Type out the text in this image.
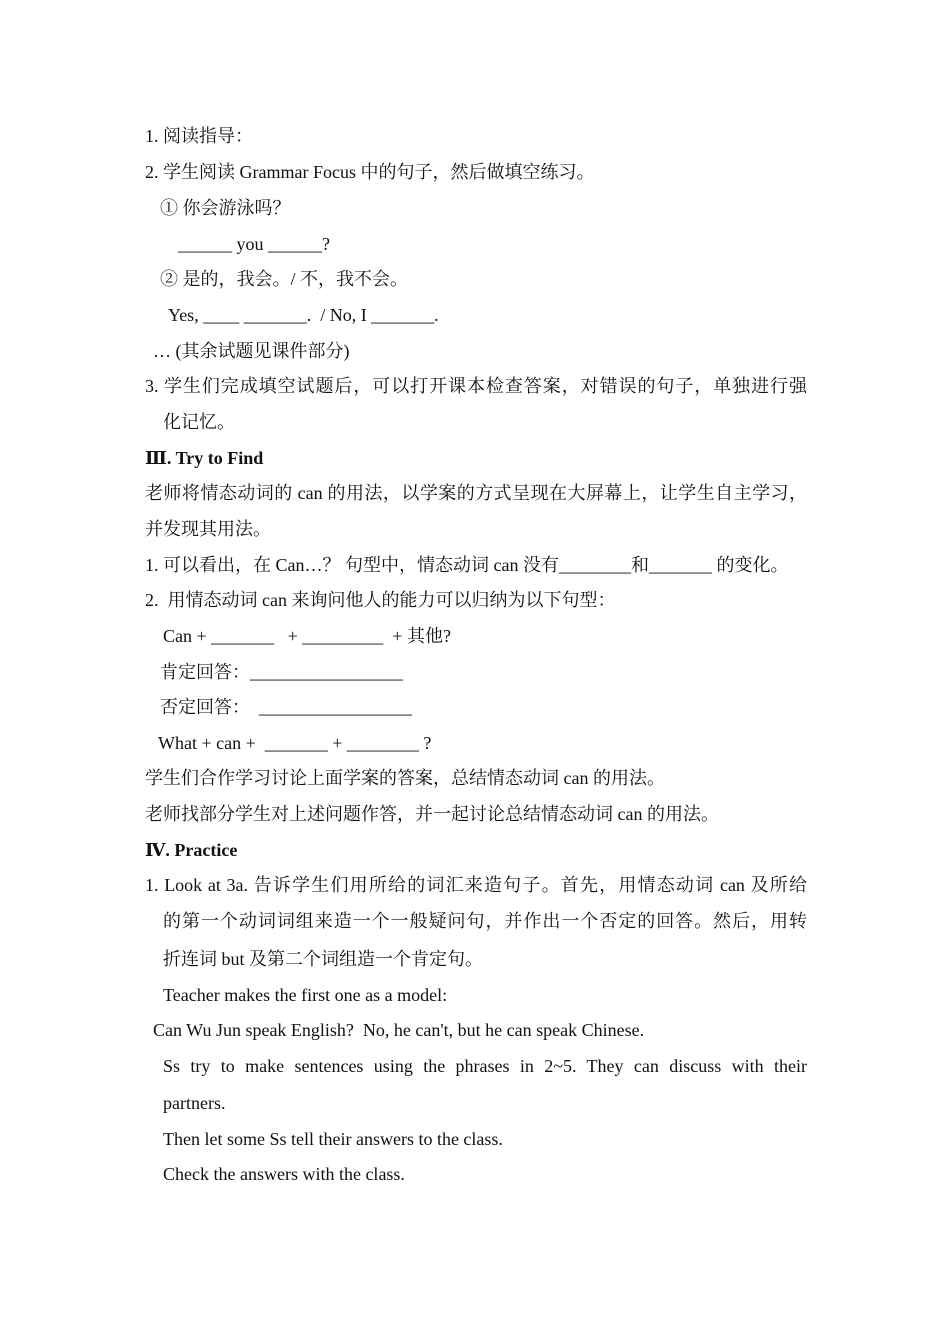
1. 阅读指导：

2. 学生阅读 Grammar Focus 中的句子，然后做填空练习。

① 你会游泳吗？

______ you ______?

② 是的，我会。/ 不，我不会。

Yes, ____ _______.  / No, I _______.

… (其余试题见课件部分)

3. 学生们完成填空试题后，可以打开课本检查答案，对错误的句子，单独进行强

化记忆。

Ⅲ. Try to Find

老师将情态动词的 can 的用法，以学案的方式呈现在大屏幕上，让学生自主学习，

并发现其用法。

1. 可以看出，在 Can…？ 句型中，情态动词 can 没有________和_______ 的变化。

2.  用情态动词 can 来询问他人的能力可以归纳为以下句型：

Can + _______   + _________  + 其他?

肯定回答：_________________

否定回答：  _________________

What + can +  _______ + ________ ?

学生们合作学习讨论上面学案的答案，总结情态动词 can 的用法。

老师找部分学生对上述问题作答，并一起讨论总结情态动词 can 的用法。

Ⅳ. Practice

1. Look at 3a. 告诉学生们用所给的词汇来造句子。首先，用情态动词 can 及所给

的第一个动词词组来造一个一般疑问句，并作出一个否定的回答。然后，用转

折连词 but 及第二个词组造一个肯定句。

Teacher makes the first one as a model:

Can Wu Jun speak English?  No, he can't, but he can speak Chinese.

Ss try to make sentences using the phrases in 2~5. They can discuss with their

partners.

Then let some Ss tell their answers to the class.

Check the answers with the class.
